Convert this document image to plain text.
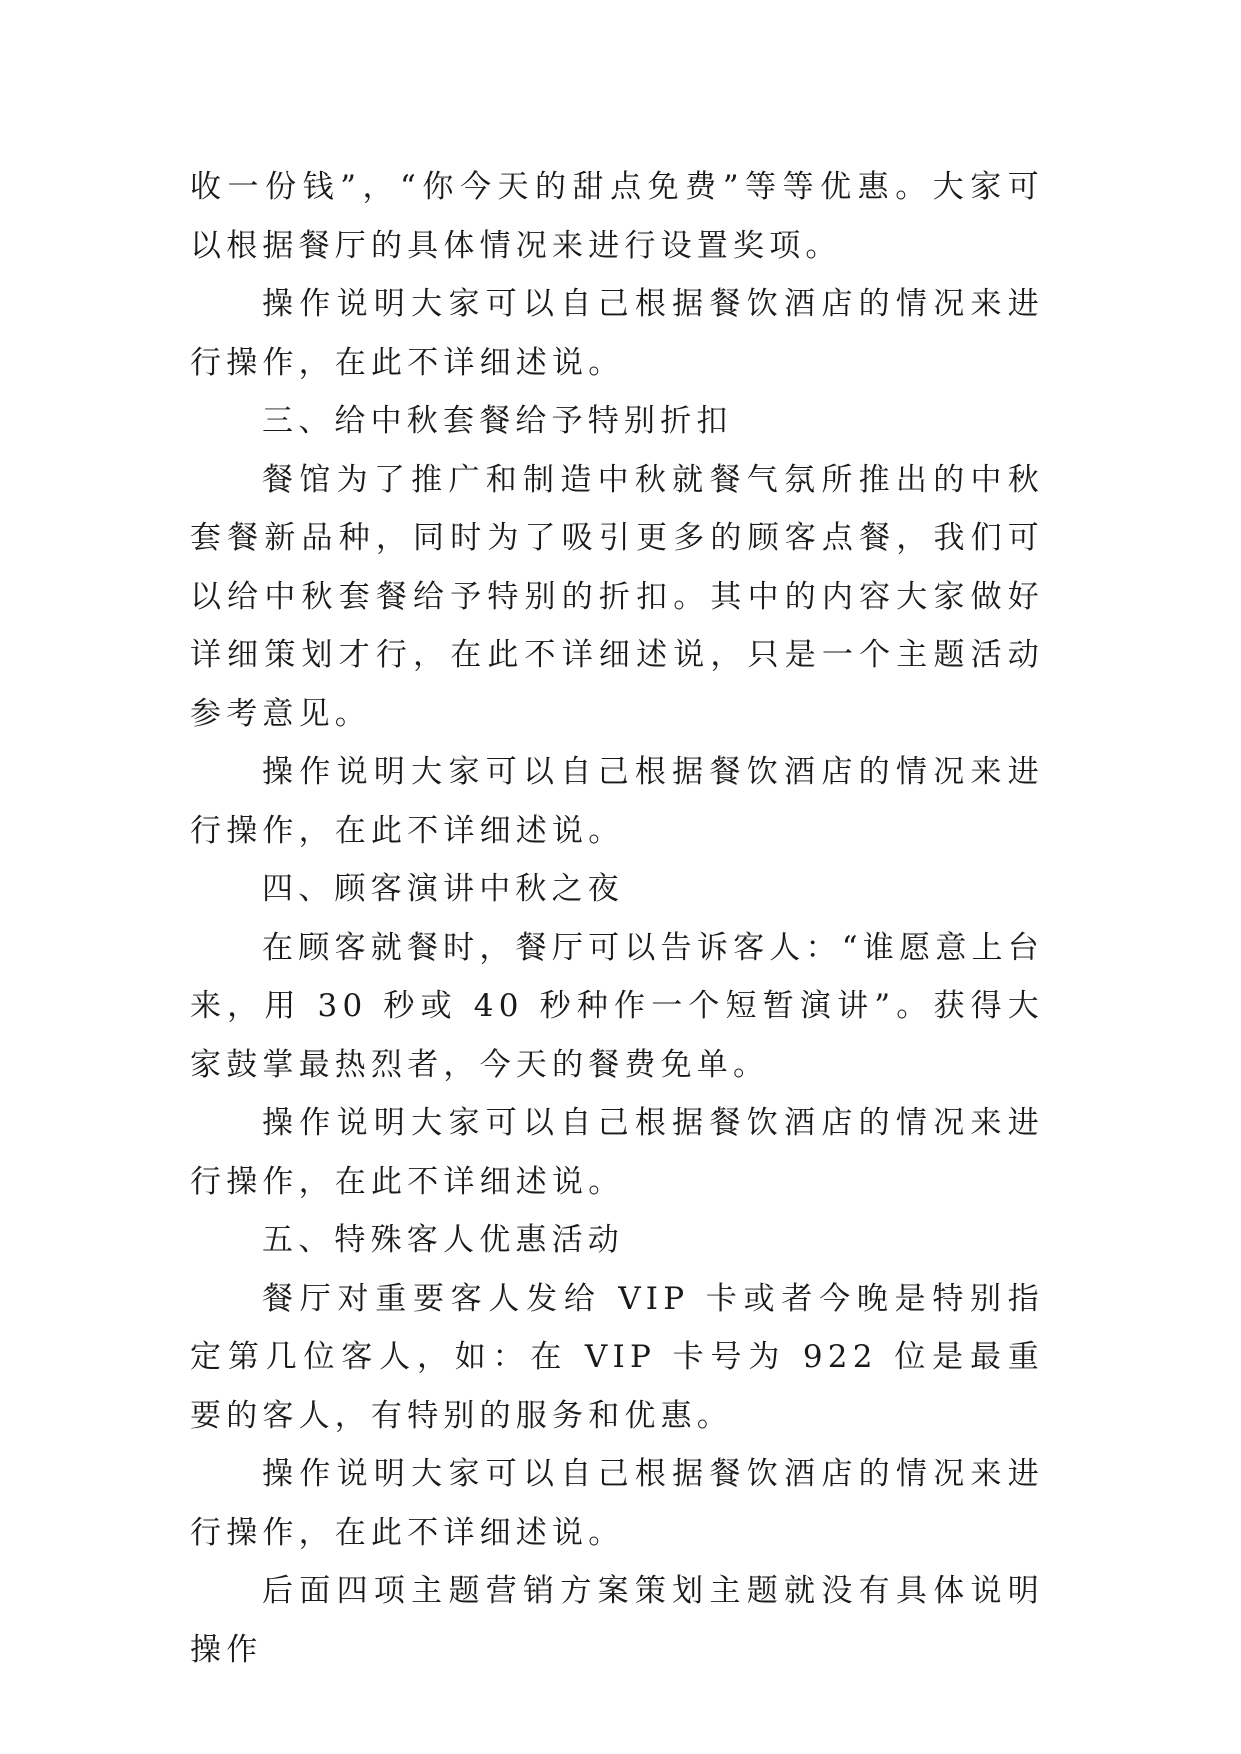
收一份钱”，“你今天的甜点免费”等等优惠。大家可以根据餐厅的具体情况来进行设置奖项。

操作说明大家可以自己根据餐饮酒店的情况来进行操作，在此不详细述说。

三、给中秋套餐给予特别折扣

餐馆为了推广和制造中秋就餐气氛所推出的中秋套餐新品种，同时为了吸引更多的顾客点餐，我们可以给中秋套餐给予特别的折扣。其中的内容大家做好详细策划才行，在此不详细述说，只是一个主题活动参考意见。

操作说明大家可以自己根据餐饮酒店的情况来进行操作，在此不详细述说。

四、顾客演讲中秋之夜

在顾客就餐时，餐厅可以告诉客人：“谁愿意上台来，用 30 秒或 40 秒种作一个短暂演讲”。获得大家鼓掌最热烈者，今天的餐费免单。

操作说明大家可以自己根据餐饮酒店的情况来进行操作，在此不详细述说。

五、特殊客人优惠活动

餐厅对重要客人发给 VIP 卡或者今晚是特别指定第几位客人，如：在 VIP 卡号为 922 位是最重要的客人，有特别的服务和优惠。

操作说明大家可以自己根据餐饮酒店的情况来进行操作，在此不详细述说。

后面四项主题营销方案策划主题就没有具体说明操作
